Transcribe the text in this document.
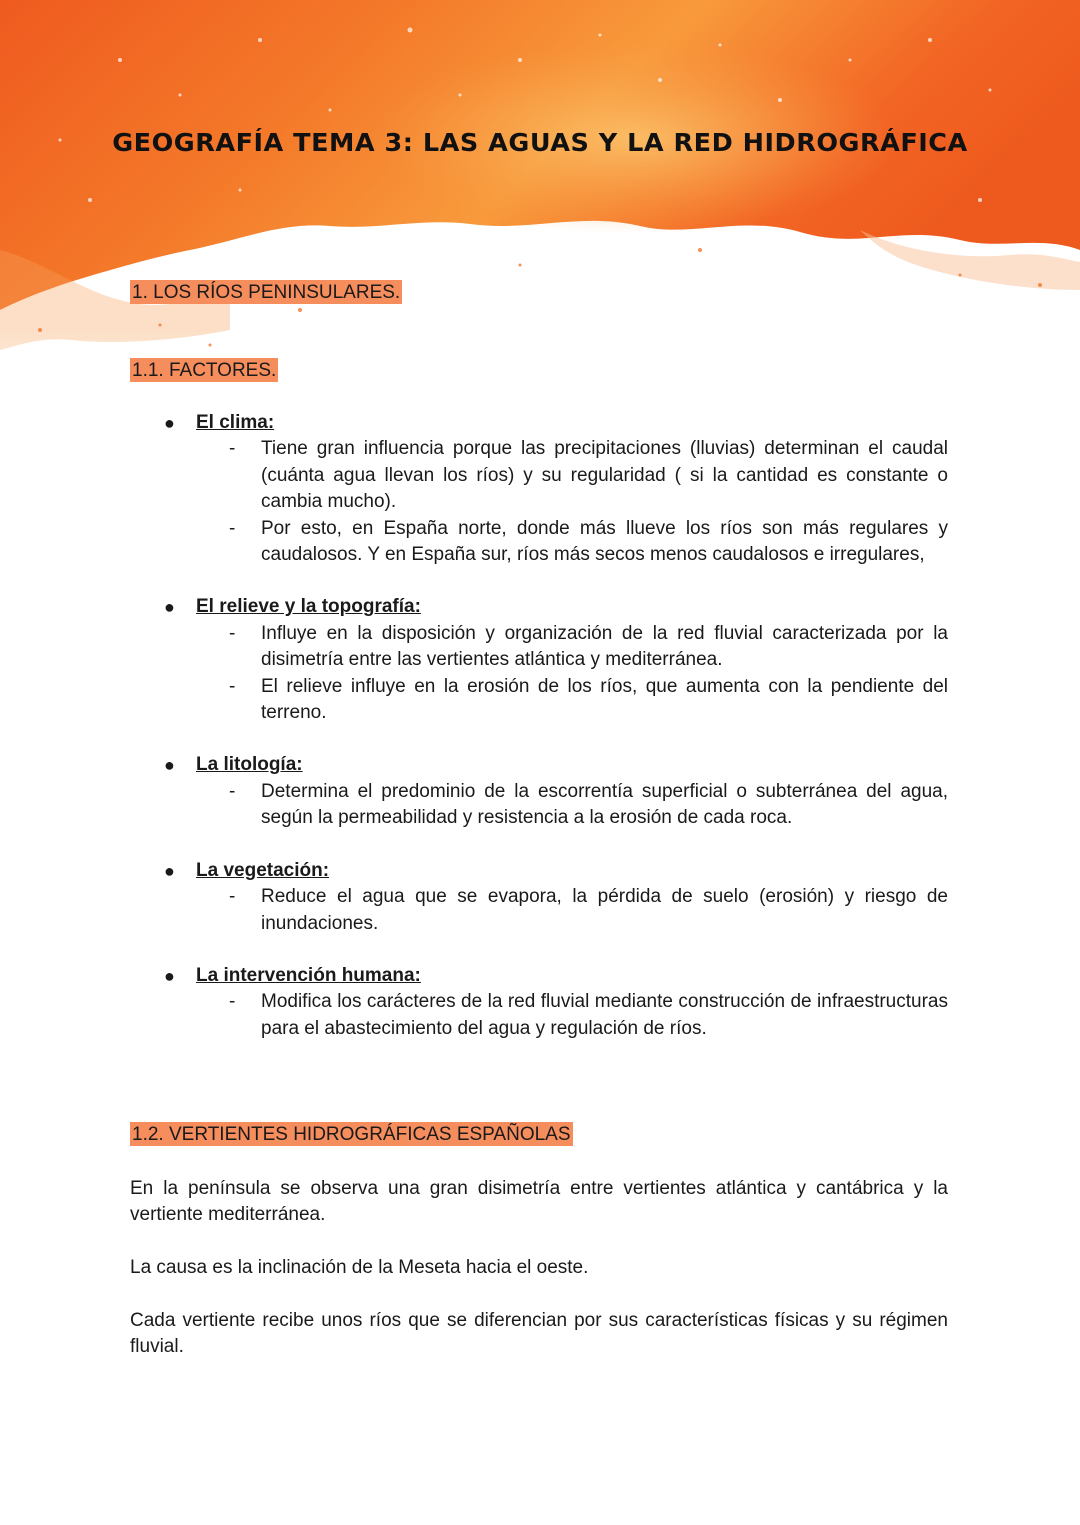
GEOGRAFÍA TEMA 3: LAS AGUAS Y LA RED HIDROGRÁFICA
1. LOS RÍOS PENINSULARES.
1.1. FACTORES.
● El clima:
- Tiene gran influencia porque las precipitaciones (lluvias) determinan el caudal (cuánta agua llevan los ríos) y su regularidad ( si la cantidad es constante o cambia mucho).
- Por esto, en España norte, donde más llueve los ríos son más regulares y caudalosos. Y en España sur, ríos más secos menos caudalosos e irregulares,
● El relieve y la topografía:
- Influye en la disposición y organización de la red fluvial caracterizada por la disimetría entre las vertientes atlántica y mediterránea.
- El relieve influye en la erosión de los ríos, que aumenta con la pendiente del terreno.
● La litología:
- Determina el predominio de la escorrentía superficial o subterránea del agua, según la permeabilidad y resistencia a la erosión de cada roca.
● La vegetación:
- Reduce el agua que se evapora, la pérdida de suelo (erosión) y riesgo de inundaciones.
● La intervención humana:
- Modifica los carácteres de la red fluvial mediante construcción de infraestructuras para el abastecimiento del agua y regulación de ríos.
1.2. VERTIENTES HIDROGRÁFICAS ESPAÑOLAS
En la península se observa una gran disimetría entre vertientes atlántica y cantábrica y la vertiente mediterránea.
La causa es la inclinación de la Meseta hacia el oeste.
Cada vertiente recibe unos ríos que se diferencian por sus características físicas y su régimen fluvial.
